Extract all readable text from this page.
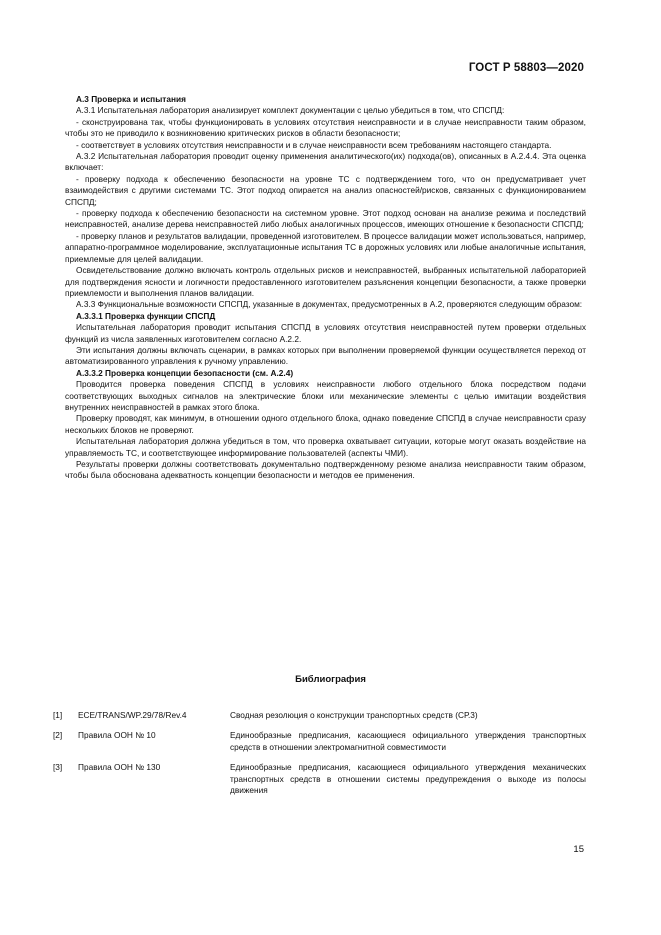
ГОСТ Р 58803—2020

А.3 Проверка и испытания

А.3.1 Испытательная лаборатория анализирует комплект документации с целью убедиться в том, что СПСПД:

- сконструирована так, чтобы функционировать в условиях отсутствия неисправности и в случае неисправности таким образом, чтобы это не приводило к возникновению критических рисков в области безопасности;

- соответствует в условиях отсутствия неисправности и в случае неисправности всем требованиям настоящего стандарта.

А.3.2 Испытательная лаборатория проводит оценку применения аналитического(их) подхода(ов), описанных в А.2.4.4. Эта оценка включает:

- проверку подхода к обеспечению безопасности на уровне ТС с подтверждением того, что он предусматривает учет взаимодействия с другими системами ТС. Этот подход опирается на анализ опасностей/рисков, связанных с функционированием СПСПД;

- проверку подхода к обеспечению безопасности на системном уровне. Этот подход основан на анализе режима и последствий неисправностей, анализе дерева неисправностей либо любых аналогичных процессов, имеющих отношение к безопасности СПСПД;

- проверку планов и результатов валидации, проведенной изготовителем. В процессе валидации может использоваться, например, аппаратно-программное моделирование, эксплуатационные испытания ТС в дорожных условиях или любые аналогичные испытания, приемлемые для целей валидации.

Освидетельствование должно включать контроль отдельных рисков и неисправностей, выбранных испытательной лабораторией для подтверждения ясности и логичности предоставленного изготовителем разъяснения концепции безопасности, а также проверки приемлемости и выполнения планов валидации.

А.3.3 Функциональные возможности СПСПД, указанные в документах, предусмотренных в А.2, проверяются следующим образом:

А.3.3.1 Проверка функции СПСПД

Испытательная лаборатория проводит испытания СПСПД в условиях отсутствия неисправностей путем проверки отдельных функций из числа заявленных изготовителем согласно А.2.2.

Эти испытания должны включать сценарии, в рамках которых при выполнении проверяемой функции осуществляется переход от автоматизированного управления к ручному управлению.

А.3.3.2 Проверка концепции безопасности (см. А.2.4)

Проводится проверка поведения СПСПД в условиях неисправности любого отдельного блока посредством подачи соответствующих выходных сигналов на электрические блоки или механические элементы с целью имитации воздействия внутренних неисправностей в рамках этого блока.

Проверку проводят, как минимум, в отношении одного отдельного блока, однако поведение СПСПД в случае неисправности сразу нескольких блоков не проверяют.

Испытательная лаборатория должна убедиться в том, что проверка охватывает ситуации, которые могут оказать воздействие на управляемость ТС, и соответствующее информирование пользователей (аспекты ЧМИ).

Результаты проверки должны соответствовать документально подтвержденному резюме анализа неисправности таким образом, чтобы была обоснована адекватность концепции безопасности и методов ее применения.

Библиография
[1]	ECE/TRANS/WP.29/78/Rev.4	Сводная резолюция о конструкции транспортных средств (СР.3)
[2]	Правила ООН № 10	Единообразные предписания, касающиеся официального утверждения транспортных средств в отношении электромагнитной совместимости
[3]	Правила ООН № 130	Единообразные предписания, касающиеся официального утверждения механических транспортных средств в отношении системы предупреждения о выходе из полосы движения
15
